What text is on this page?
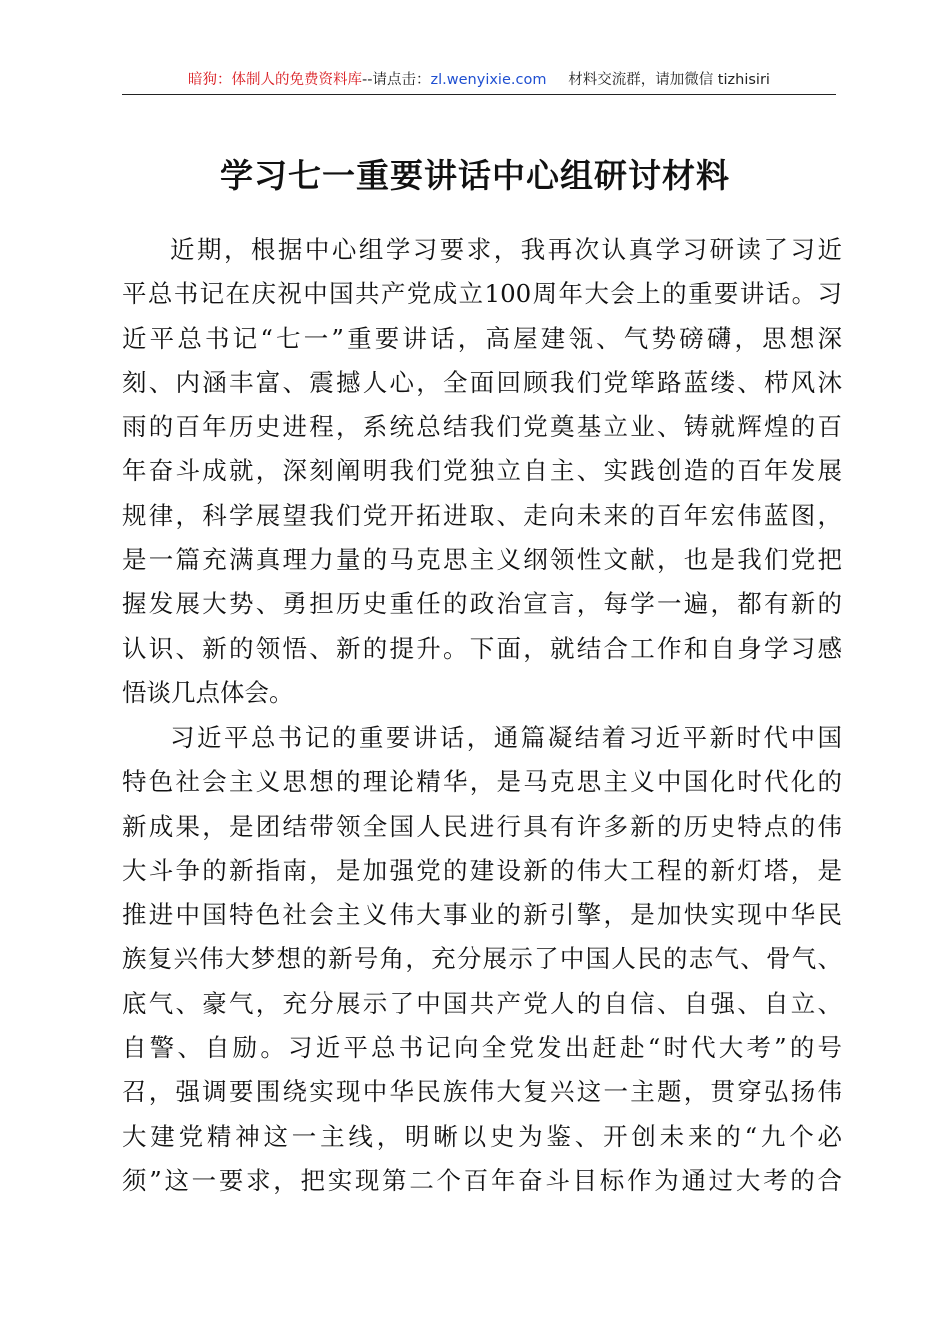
暗狗：体制人的免费资料库--请点击：zl.wenyixie.com   材料交流群，请加微信 tizhisiri
学习七一重要讲话中心组研讨材料
近期，根据中心组学习要求，我再次认真学习研读了习近
平总书记在庆祝中国共产党成立100周年大会上的重要讲话。习
近平总书记“七一”重要讲话，高屋建瓴、气势磅礴，思想深
刻、内涵丰富、震撼人心，全面回顾我们党筚路蓝缕、栉风沐
雨的百年历史进程，系统总结我们党奠基立业、铸就辉煌的百
年奋斗成就，深刻阐明我们党独立自主、实践创造的百年发展
规律，科学展望我们党开拓进取、走向未来的百年宏伟蓝图，
是一篇充满真理力量的马克思主义纲领性文献，也是我们党把
握发展大势、勇担历史重任的政治宣言，每学一遍，都有新的
认识、新的领悟、新的提升。下面，就结合工作和自身学习感
悟谈几点体会。
习近平总书记的重要讲话，通篇凝结着习近平新时代中国
特色社会主义思想的理论精华，是马克思主义中国化时代化的
新成果，是团结带领全国人民进行具有许多新的历史特点的伟
大斗争的新指南，是加强党的建设新的伟大工程的新灯塔，是
推进中国特色社会主义伟大事业的新引擎，是加快实现中华民
族复兴伟大梦想的新号角，充分展示了中国人民的志气、骨气、
底气、豪气，充分展示了中国共产党人的自信、自强、自立、
自警、自励。习近平总书记向全党发出赶赴“时代大考”的号
召，强调要围绕实现中华民族伟大复兴这一主题，贯穿弘扬伟
大建党精神这一主线，明晰以史为鉴、开创未来的“九个必
须”这一要求，把实现第二个百年奋斗目标作为通过大考的合
